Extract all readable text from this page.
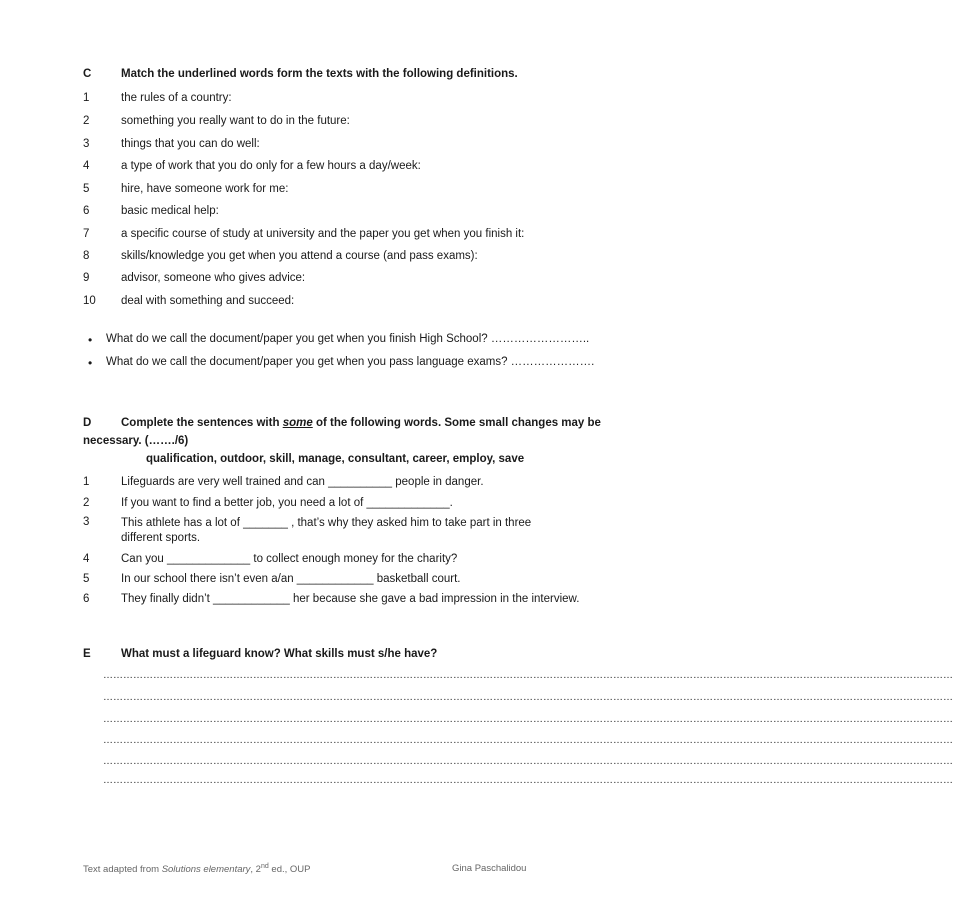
C	Match the underlined words form the texts with the following definitions.
1	the rules of a country:
2	something you really want to do in the future:
3	things that you can do well:
4	a type of work that you do only for a few hours a day/week:
5	hire, have someone work for me:
6	basic medical help:
7	a specific course of study at university and the paper you get when you finish it:
8	skills/knowledge you get when you attend a course (and pass exams):
9	advisor, someone who gives advice:
10 deal with something and succeed:
• What do we call the document/paper you get when you finish High School? ……………………..
• What do we call the document/paper you get when you pass language exams? ………………….
D	Complete the sentences with some of the following words. Some small changes may be
necessary. (……./6)
qualification, outdoor, skill, manage, consultant, career, employ, save
1	Lifeguards are very well trained and can __________ people in danger.
2	If you want to find a better job, you need a lot of _____________.
3	This athlete has a lot of _______ , that’s why they asked him to take part in three different sports.
4	Can you _____________ to collect enough money for the charity?
5	In our school there isn’t even a/an ____________ basketball court.
6	They finally didn’t ____________ her because she gave a bad impression in the interview.
E	What must a lifeguard know? What skills must s/he have?
…………………………………………………………………………………………………………………………………………………………………………………………………………………………………
…………………………………………………………………………………………………………………………………………………………………………………………………………………………………
…………………………………………………………………………………………………………………………………………………………………………………………………………………………………
…………………………………………………………………………………………………………………………………………………………………………………………………………………………………
…………………………………………………………………………………………………………………………………………………………………………………………………………………………………
…………………………………………………………………………………………………………………………………………………………………………………………………………………………………
Text adapted from Solutions elementary, 2nd ed., OUP	Gina Paschalidou
